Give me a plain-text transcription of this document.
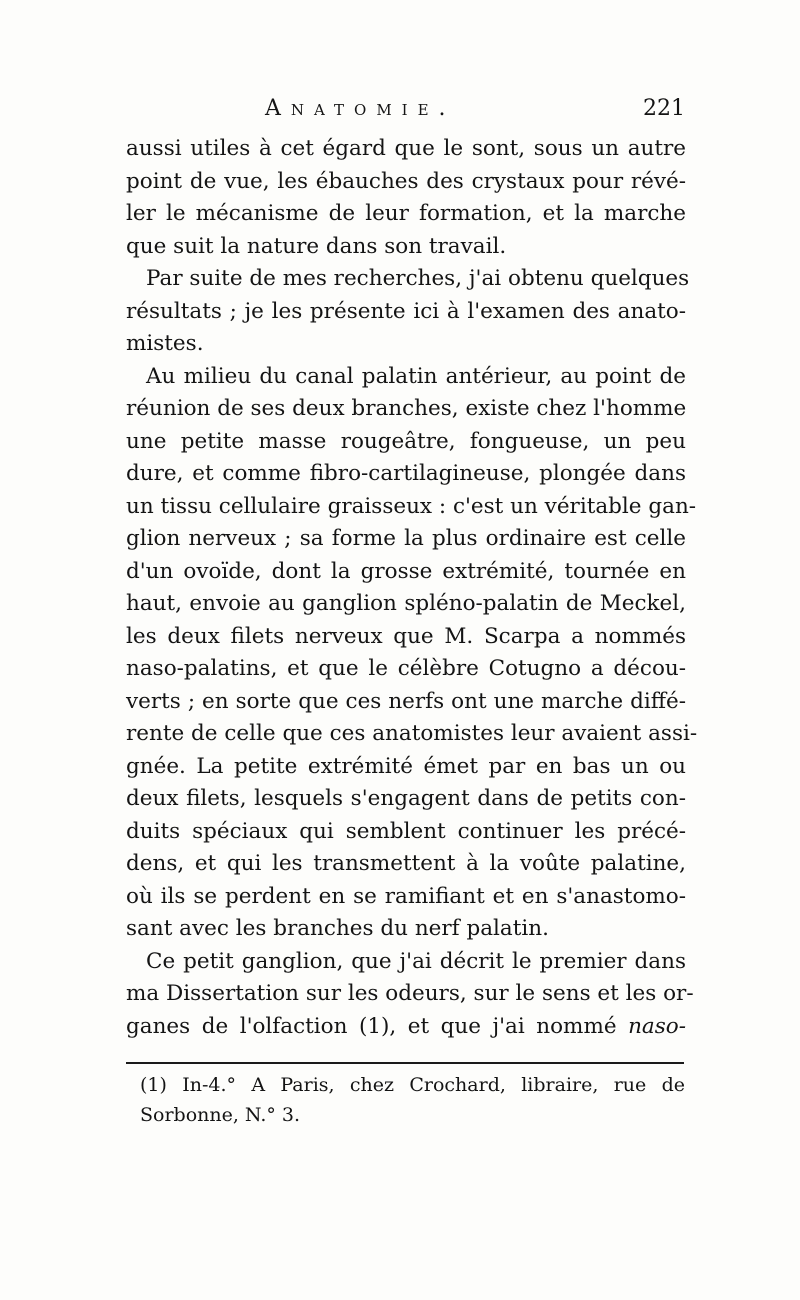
Anatomie.	221
aussi utiles à cet égard que le sont, sous un autre
point de vue, les ébauches des crystaux pour révé-
ler le mécanisme de leur formation, et la marche
que suit la nature dans son travail.
Par suite de mes recherches, j'ai obtenu quelques
résultats ; je les présente ici à l'examen des anato-
mistes.
Au milieu du canal palatin antérieur, au point de
réunion de ses deux branches, existe chez l'homme
une petite masse rougeâtre, fongueuse, un peu
dure, et comme fibro-cartilagineuse, plongée dans
un tissu cellulaire graisseux : c'est un véritable gan-
glion nerveux ; sa forme la plus ordinaire est celle
d'un ovoïde, dont la grosse extrémité, tournée en
haut, envoie au ganglion spléno-palatin de Meckel,
les deux filets nerveux que M. Scarpa a nommés
naso-palatins, et que le célèbre Cotugno a décou-
verts ; en sorte que ces nerfs ont une marche diffé-
rente de celle que ces anatomistes leur avaient assi-
gnée. La petite extrémité émet par en bas un ou
deux filets, lesquels s'engagent dans de petits con-
duits spéciaux qui semblent continuer les précé-
dens, et qui les transmettent à la voûte palatine,
où ils se perdent en se ramifiant et en s'anastomo-
sant avec les branches du nerf palatin.
Ce petit ganglion, que j'ai décrit le premier dans
ma Dissertation sur les odeurs, sur le sens et les or-
ganes de l'olfaction (1), et que j'ai nommé naso-
(1) In-4.° A Paris, chez Crochard, libraire, rue de
Sorbonne, N.° 3.
